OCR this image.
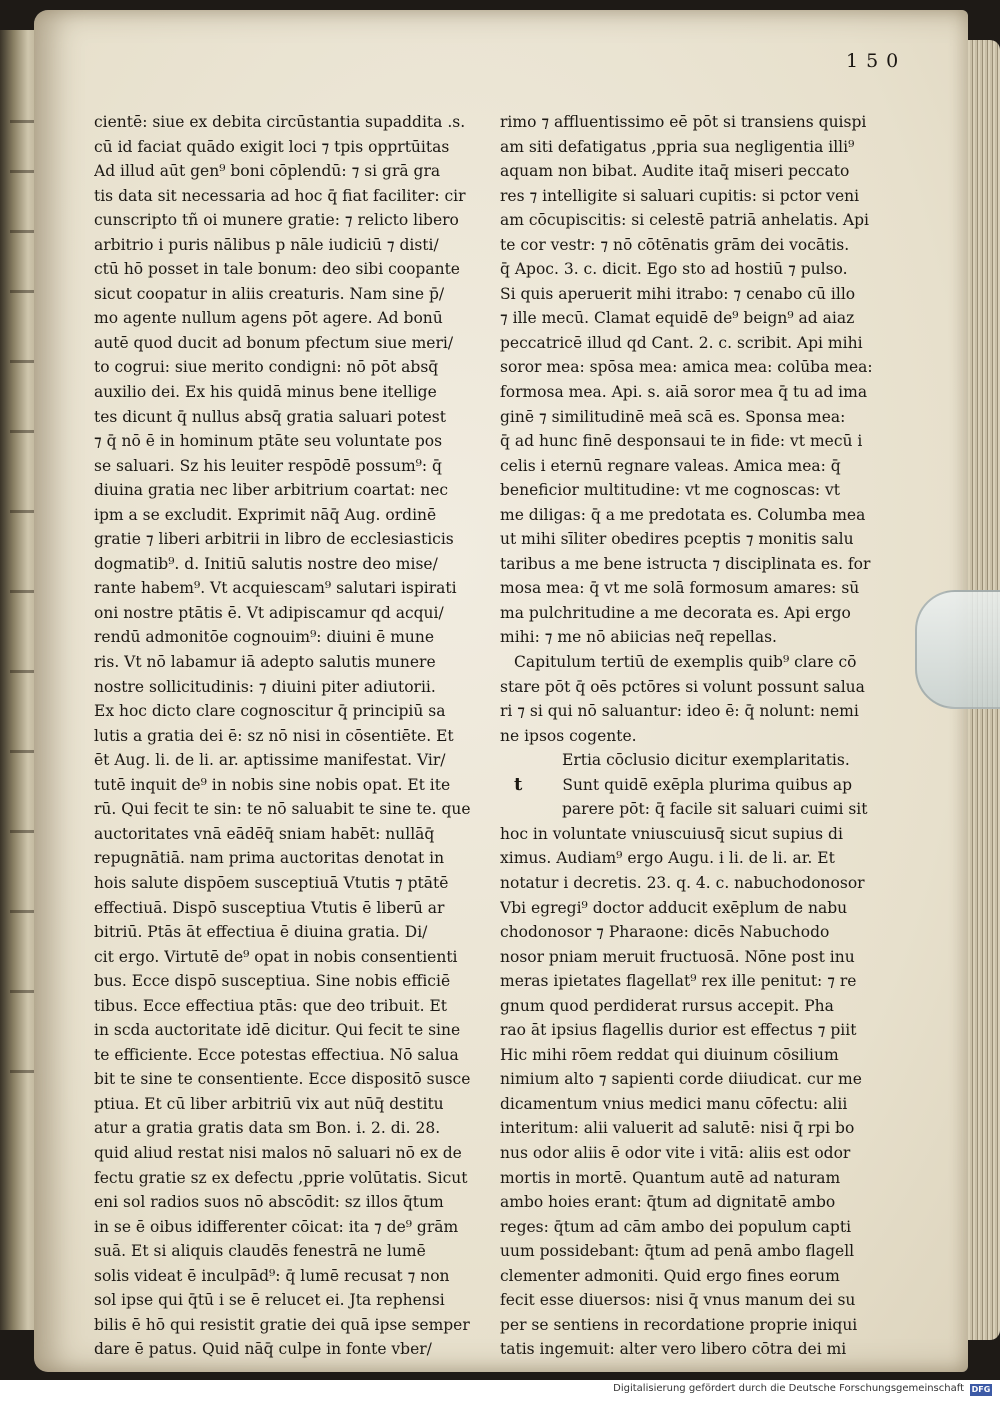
150
cientē: siue ex debita circūstantia supaddita .s.
cū id faciat quādo exigit loci ⁊ tpis opprtūitas
Ad illud aūt gen⁹ boni cōplendū: ⁊ si grā gra
tis data sit necessaria ad hoc q̄ fiat faciliter: cir
cunscripto tñ oi munere gratie: ⁊ relicto libero
arbitrio i puris nālibus p nāle iudiciū ⁊ disti/
ctū hō posset in tale bonum: deo sibi coopante
sicut coopatur in aliis creaturis. Nam sine p̄/
mo agente nullum agens pōt agere. Ad bonū
autē quod ducit ad bonum pfectum siue meri/
to cogrui: siue merito condigni: nō pōt absq̄
auxilio dei. Ex his quidā minus bene itellige
tes dicunt q̄ nullus absq̄ gratia saluari potest
⁊ q̄ nō ē in hominum ptāte seu voluntate pos
se saluari. Sz his leuiter respōdē possum⁹: q̄
diuina gratia nec liber arbitrium coartat: nec
ipm a se excludit. Exprimit nāq̄ Aug. ordinē
gratie ⁊ liberi arbitrii in libro de ecclesiasticis
dogmatib⁹. d. Initiū salutis nostre deo mise/
rante habem⁹. Vt acquiescam⁹ salutari ispirati
oni nostre ptātis ē. Vt adipiscamur qd acqui/
rendū admonitōe cognouim⁹: diuini ē mune
ris. Vt nō labamur iā adepto salutis munere
nostre sollicitudinis: ⁊ diuini piter adiutorii.
Ex hoc dicto clare cognoscitur q̄ principiū sa
lutis a gratia dei ē: sz nō nisi in cōsentiēte. Et
ēt Aug. li. de li. ar. aptissime manifestat. Vir/
tutē inquit de⁹ in nobis sine nobis opat. Et ite
rū. Qui fecit te sin: te nō saluabit te sine te. que
auctoritates vnā eādēq̄ sniam habēt: nullāq̄
repugnātiā. nam prima auctoritas denotat in
hois salute dispōem susceptiuā Vtutis ⁊ ptātē
effectiuā. Dispō susceptiua Vtutis ē liberū ar
bitriū. Ptās āt effectiua ē diuina gratia. Di/
cit ergo. Virtutē de⁹ opat in nobis consentienti
bus. Ecce dispō susceptiua. Sine nobis efficiē
tibus. Ecce effectiua ptās: que deo tribuit. Et
in scda auctoritate idē dicitur. Qui fecit te sine
te efficiente. Ecce potestas effectiua. Nō salua
bit te sine te consentiente. Ecce dispositō susce
ptiua. Et cū liber arbitriū vix aut nūq̄ destitu
atur a gratia gratis data sm Bon. i. 2. di. 28.
quid aliud restat nisi malos nō saluari nō ex de
fectu gratie sz ex defectu ,pprie volūtatis. Sicut
eni sol radios suos nō abscōdit: sz illos q̄tum
in se ē oibus idifferenter cōicat: ita ⁊ de⁹ grām
suā. Et si aliquis claudēs fenestrā ne lumē
solis videat ē inculpād⁹: q̄ lumē recusat ⁊ non
sol ipse qui q̄tū i se ē relucet ei. Jta rephensi
bilis ē hō qui resistit gratie dei quā ipse semper
dare ē patus. Quid nāq̄ culpe in fonte vber/
rimo ⁊ affluentissimo eē pōt si transiens quispi
am siti defatigatus ,ppria sua negligentia illi⁹
aquam non bibat. Audite itaq̄ miseri peccato
res ⁊ intelligite si saluari cupitis: si pctor veni
am cōcupiscitis: si celestē patriā anhelatis. Api
te cor vestr: ⁊ nō cōtēnatis grām dei vocātis.
q̄ Apoc. 3. c. dicit. Ego sto ad hostiū ⁊ pulso.
Si quis aperuerit mihi itrabo: ⁊ cenabo cū illo
⁊ ille mecū. Clamat equidē de⁹ beign⁹ ad aiaz
peccatricē illud qd Cant. 2. c. scribit. Api mihi
soror mea: spōsa mea: amica mea: colūba mea:
formosa mea. Api. s. aiā soror mea q̄ tu ad ima
ginē ⁊ similitudinē meā scā es. Sponsa mea:
q̄ ad hunc finē desponsaui te in fide: vt mecū i
celis i eternū regnare valeas. Amica mea: q̄
beneficior multitudine: vt me cognoscas: vt
me diligas: q̄ a me predotata es. Columba mea
ut mihi sīliter obedires pceptis ⁊ monitis salu
taribus a me bene istructa ⁊ disciplinata es. for
mosa mea: q̄ vt me solā formosum amares: sū
ma pulchritudine a me decorata es. Api ergo
mihi: ⁊ me nō abiicias neq̄ repellas.
Capitulum tertiū de exemplis quib⁹ clare cō
stare pōt q̄ oēs pctōres si volunt possunt salua
ri ⁊ si qui nō saluantur: ideo ē: q̄ nolunt: nemi
ne ipsos cogente.
Ertia cōclusio dicitur exemplaritatis.
t	Sunt quidē exēpla plurima quibus ap
parere pōt: q̄ facile sit saluari cuimi sit
hoc in voluntate vniuscuiusq̄ sicut supius di
ximus. Audiam⁹ ergo Augu. i li. de li. ar. Et
notatur i decretis. 23. q. 4. c. nabuchodonosor
Vbi egregi⁹ doctor adducit exēplum de nabu
chodonosor ⁊ Pharaone: dicēs Nabuchodo
nosor pniam meruit fructuosā. Nōne post inu
meras ipietates flagellat⁹ rex ille penitut: ⁊ re
gnum quod perdiderat rursus accepit. Pha
rao āt ipsius flagellis durior est effectus ⁊ piit
Hic mihi rōem reddat qui diuinum cōsilium
nimium alto ⁊ sapienti corde diiudicat. cur me
dicamentum vnius medici manu cōfectu: alii
interitum: alii valuerit ad salutē: nisi q̄ rpi bo
nus odor aliis ē odor vite i vitā: aliis est odor
mortis in mortē. Quantum autē ad naturam
ambo hoies erant: q̄tum ad dignitatē ambo
reges: q̄tum ad cām ambo dei populum capti
uum possidebant: q̄tum ad penā ambo flagell
clementer admoniti. Quid ergo fines eorum
fecit esse diuersos: nisi q̄ vnus manum dei su
per se sentiens in recordatione proprie iniqui
tatis ingemuit: alter vero libero cōtra dei mi
Digitalisierung gefördert durch die Deutsche Forschungsgemeinschaft DFG
